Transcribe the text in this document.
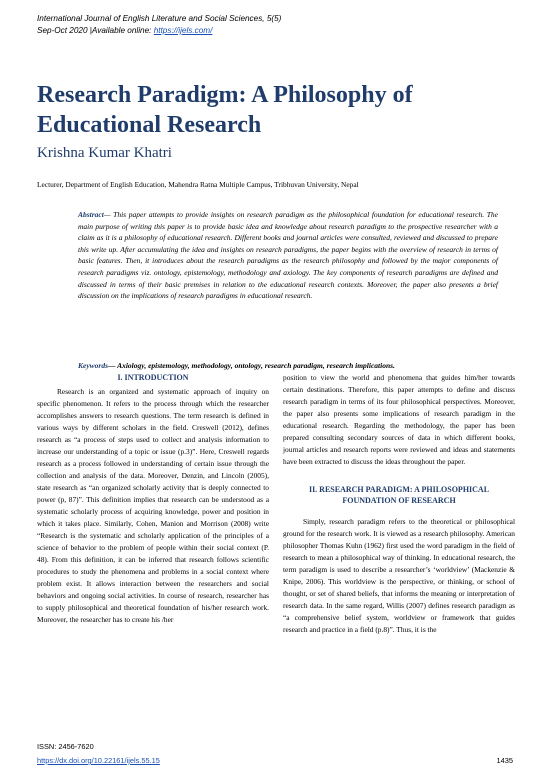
International Journal of English Literature and Social Sciences, 5(5)
Sep-Oct 2020 |Available online: https://ijels.com/
Research Paradigm: A Philosophy of Educational Research
Krishna Kumar Khatri
Lecturer, Department of English Education, Mahendra Ratna Multiple Campus, Tribhuvan University, Nepal
Abstract— This paper attempts to provide insights on research paradigm as the philosophical foundation for educational research. The main purpose of writing this paper is to provide basic idea and knowledge about research paradigm to the prospective researcher with a claim as it is a philosophy of educational research. Different books and journal articles were consulted, reviewed and discussed to prepare this write up. After accumulating the idea and insights on research paradigms, the paper begins with the overview of research in terms of basic features. Then, it introduces about the research paradigms as the research philosophy and followed by the major components of research paradigms viz. ontology, epistemology, methodology and axiology. The key components of research paradigms are defined and discussed in terms of their basic premises in relation to the educational research contexts. Moreover, the paper also presents a brief discussion on the implications of research paradigms in educational research.
Keywords— Axiology, epistemology, methodology, ontology, research paradigm, research implications.
I. INTRODUCTION

Research is an organized and systematic approach of inquiry on specific phenomenon. It refers to the process through which the researcher accomplishes answers to research questions. The term research is defined in various ways by different scholars in the field. Creswell (2012), defines research as “a process of steps used to collect and analysis information to increase our understanding of a topic or issue (p.3)”. Here, Creswell regards research as a process followed in understanding of certain issue through the collection and analysis of the data. Moreover, Denzin, and Lincoln (2005), state research as “an organized scholarly activity that is deeply connected to power (p, 87)”. This definition implies that research can be understood as a systematic scholarly process of acquiring knowledge, power and position in which it takes place. Similarly, Cohen, Manion and Morrison (2008) write “Research is the systematic and scholarly application of the principles of a science of behavior to the problem of people within their social context (P. 48). From this definition, it can be inferred that research follows scientific procedures to study the phenomena and problems in a social context where problem exist. It allows interaction between the researchers and social behaviors and ongoing social activities. In course of research, researcher has to supply philosophical and theoretical foundation of his/her research work. Moreover, the researcher has to create his /her

position to view the world and phenomena that guides him/her towards certain destinations. Therefore, this paper attempts to define and discuss research paradigm in terms of its four philosophical perspectives. Moreover, the paper also presents some implications of research paradigm in the educational research. Regarding the methodology, the paper has been prepared consulting secondary sources of data in which different books, journal articles and research reports were reviewed and ideas and statements have been extracted to discuss the ideas throughout the paper.

II. RESEARCH PARADIGM: A PHILOSOPHICAL FOUNDATION OF RESEARCH

Simply, research paradigm refers to the theoretical or philosophical ground for the research work. It is viewed as a research philosophy. American philosopher Thomas Kuhn (1962) first used the word paradigm in the field of research to mean a philosophical way of thinking. In educational research, the term paradigm is used to describe a researcher’s ‘worldview’ (Mackenzie & Knipe, 2006). This worldview is the perspective, or thinking, or school of thought, or set of shared beliefs, that informs the meaning or interpretation of research data. In the same regard, Willis (2007) defines research paradigm as “a comprehensive belief system, worldview or framework that guides research and practice in a field (p.8)”. Thus, it is the

ISSN: 2456-7620
https://dx.doi.org/10.22161/ijels.55.15	1435
